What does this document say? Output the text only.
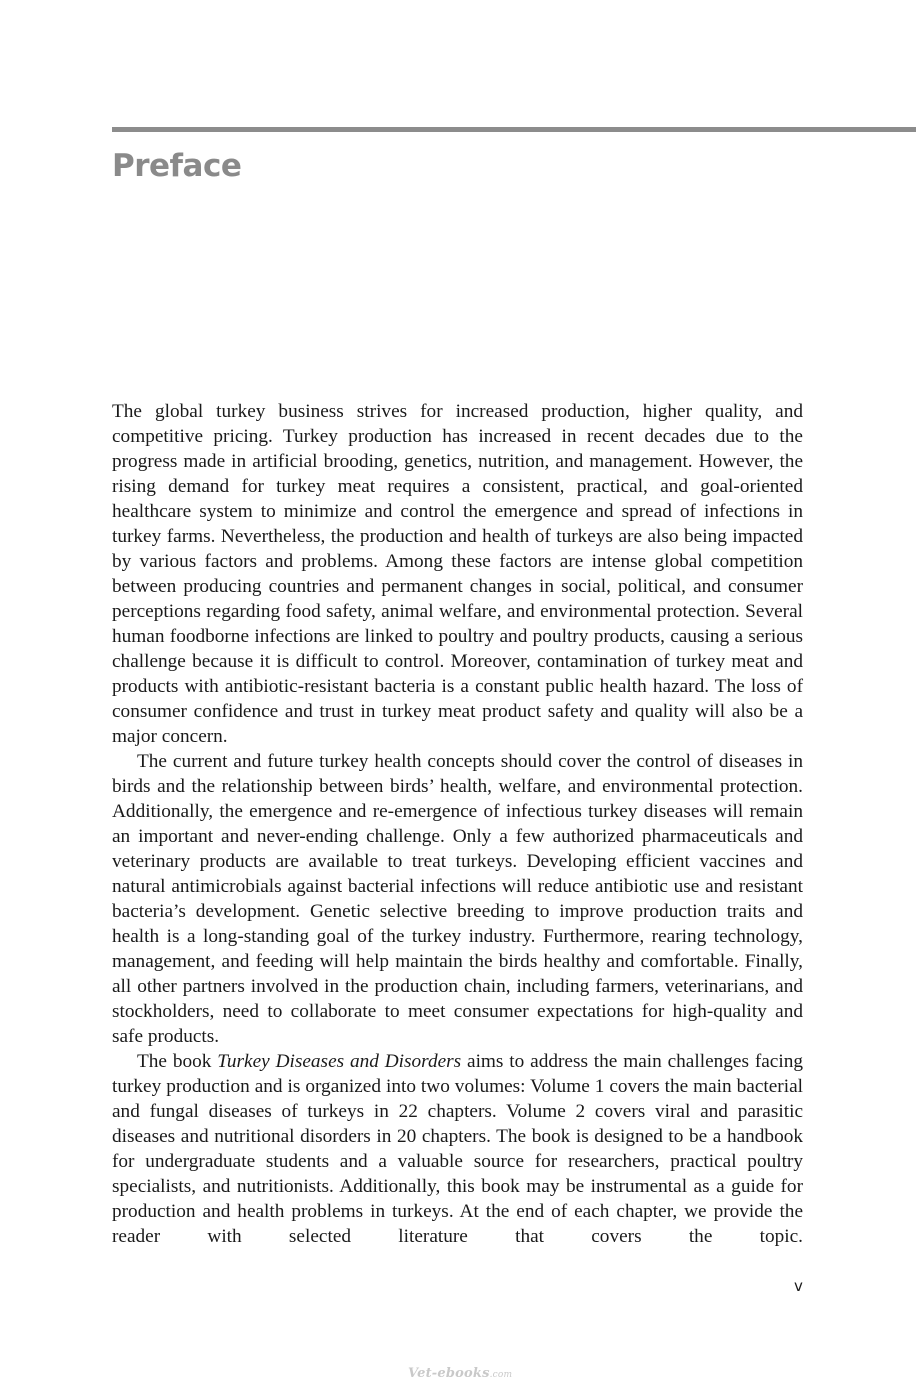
Preface

The global turkey business strives for increased production, higher quality, and competitive pricing. Turkey production has increased in recent decades due to the progress made in artificial brooding, genetics, nutrition, and management. However, the rising demand for turkey meat requires a consistent, practical, and goal-oriented healthcare system to minimize and control the emergence and spread of infections in turkey farms. Nevertheless, the production and health of turkeys are also being impacted by various factors and problems. Among these factors are intense global competition between producing countries and permanent changes in social, political, and consumer perceptions regarding food safety, animal welfare, and environmental protection. Several human foodborne infections are linked to poultry and poultry products, causing a serious challenge because it is difficult to control. Moreover, contamination of turkey meat and products with antibiotic-resistant bacteria is a constant public health hazard. The loss of consumer confidence and trust in turkey meat product safety and quality will also be a major concern.

The current and future turkey health concepts should cover the control of diseases in birds and the relationship between birds’ health, welfare, and environmental protection. Additionally, the emergence and re-emergence of infectious turkey diseases will remain an important and never-ending challenge. Only a few authorized pharmaceuticals and veterinary products are available to treat turkeys. Developing efficient vaccines and natural antimicrobials against bacterial infections will reduce antibiotic use and resistant bacteria’s development. Genetic selective breeding to improve production traits and health is a long-standing goal of the turkey industry. Furthermore, rearing technology, management, and feeding will help maintain the birds healthy and comfortable. Finally, all other partners involved in the production chain, including farmers, veterinarians, and stockholders, need to collaborate to meet consumer expectations for high-quality and safe products.

The book Turkey Diseases and Disorders aims to address the main challenges facing turkey production and is organized into two volumes: Volume 1 covers the main bacterial and fungal diseases of turkeys in 22 chapters. Volume 2 covers viral and parasitic diseases and nutritional disorders in 20 chapters. The book is designed to be a handbook for undergraduate students and a valuable source for researchers, practical poultry specialists, and nutritionists. Additionally, this book may be instrumental as a guide for production and health problems in turkeys. At the end of each chapter, we provide the reader with selected literature that covers the topic.

v
Vet-ebooks.com
